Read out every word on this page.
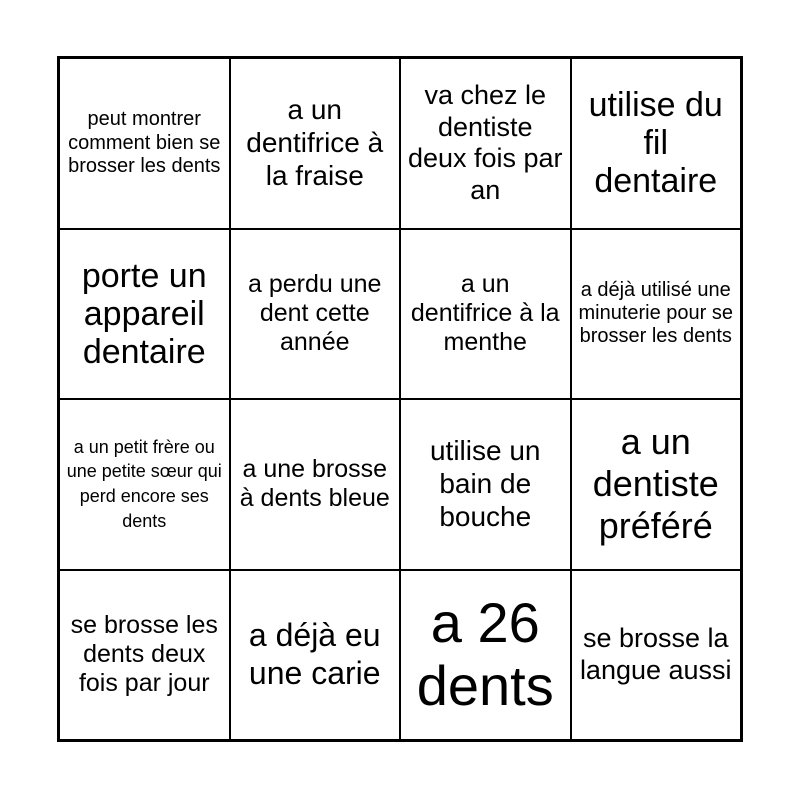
peut montrer comment bien se brosser les dents
a un dentifrice à la fraise
va chez le dentiste deux fois par an
utilise du fil dentaire
porte un appareil dentaire
a perdu une dent cette année
a un dentifrice à la menthe
a déjà utilisé une minuterie pour se brosser les dents
a un petit frère ou une petite sœur qui perd encore ses dents
a une brosse à dents bleue
utilise un bain de bouche
a un dentiste préféré
se brosse les dents deux fois par jour
a déjà eu une carie
a 26 dents
se brosse la langue aussi
